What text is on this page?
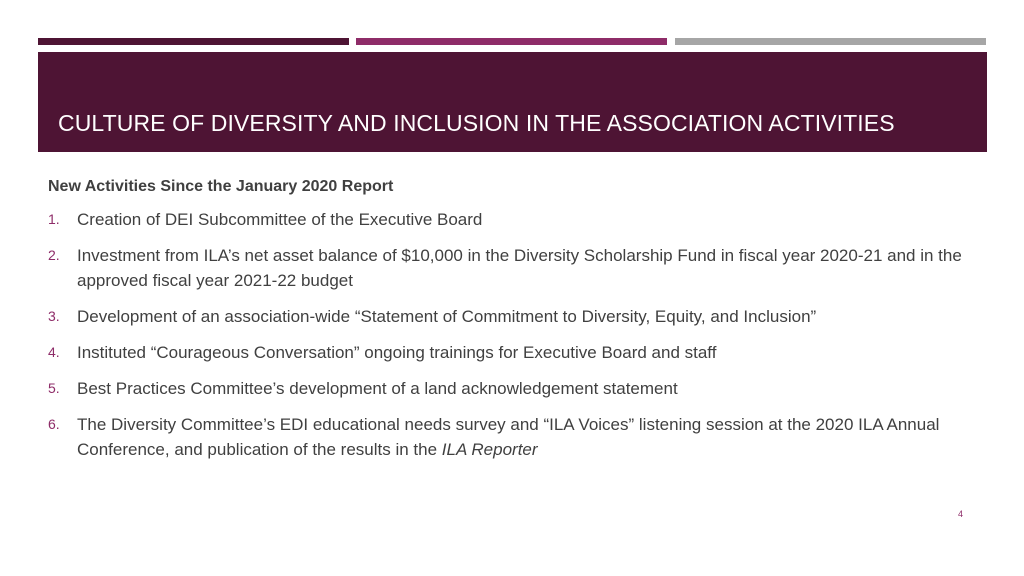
CULTURE OF DIVERSITY AND INCLUSION IN THE ASSOCIATION ACTIVITIES
New Activities Since the January 2020 Report
1.	Creation of DEI Subcommittee of the Executive Board
2.	Investment from ILA’s net asset balance of $10,000 in the Diversity Scholarship Fund in fiscal year 2020-21 and in the approved fiscal year 2021-22 budget
3.	Development of an association-wide “Statement of Commitment to Diversity, Equity, and Inclusion”
4.	Instituted “Courageous Conversation” ongoing trainings for Executive Board and staff
5.	Best Practices Committee’s development of a land acknowledgement statement
6.	The Diversity Committee’s EDI educational needs survey and “ILA Voices” listening session at the 2020 ILA Annual Conference, and publication of the results in the ILA Reporter
4
